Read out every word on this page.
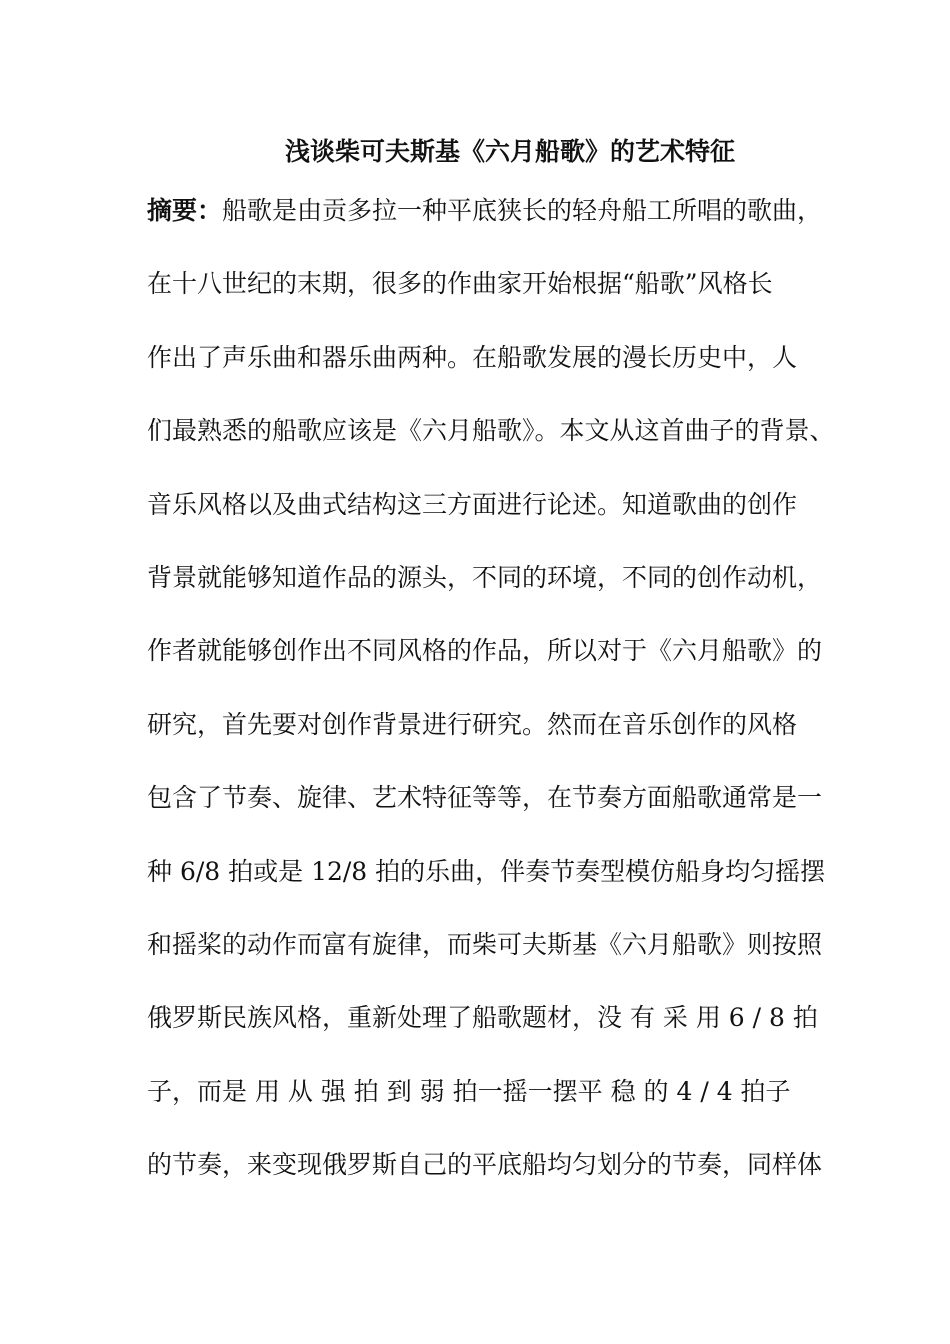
浅谈柴可夫斯基《六月船歌》的艺术特征
摘要：船歌是由贡多拉一种平底狭长的轻舟船工所唱的歌曲，
在十八世纪的末期，很多的作曲家开始根据“船歌”风格长
作出了声乐曲和器乐曲两种。在船歌发展的漫长历史中，人
们最熟悉的船歌应该是《六月船歌》。本文从这首曲子的背景、
音乐风格以及曲式结构这三方面进行论述。知道歌曲的创作
背景就能够知道作品的源头，不同的环境，不同的创作动机，
作者就能够创作出不同风格的作品，所以对于《六月船歌》的
研究，首先要对创作背景进行研究。然而在音乐创作的风格
包含了节奏、旋律、艺术特征等等，在节奏方面船歌通常是一
种 6/8 拍或是 12/8 拍的乐曲，伴奏节奏型模仿船身均匀摇摆
和摇桨的动作而富有旋律，而柴可夫斯基《六月船歌》则按照
俄罗斯民族风格，重新处理了船歌题材，没 有 采 用 6 / 8 拍
子，而是 用 从 强 拍 到 弱 拍一摇一摆平 稳 的 4 / 4 拍子
的节奏，来变现俄罗斯自己的平底船均匀划分的节奏，同样体
